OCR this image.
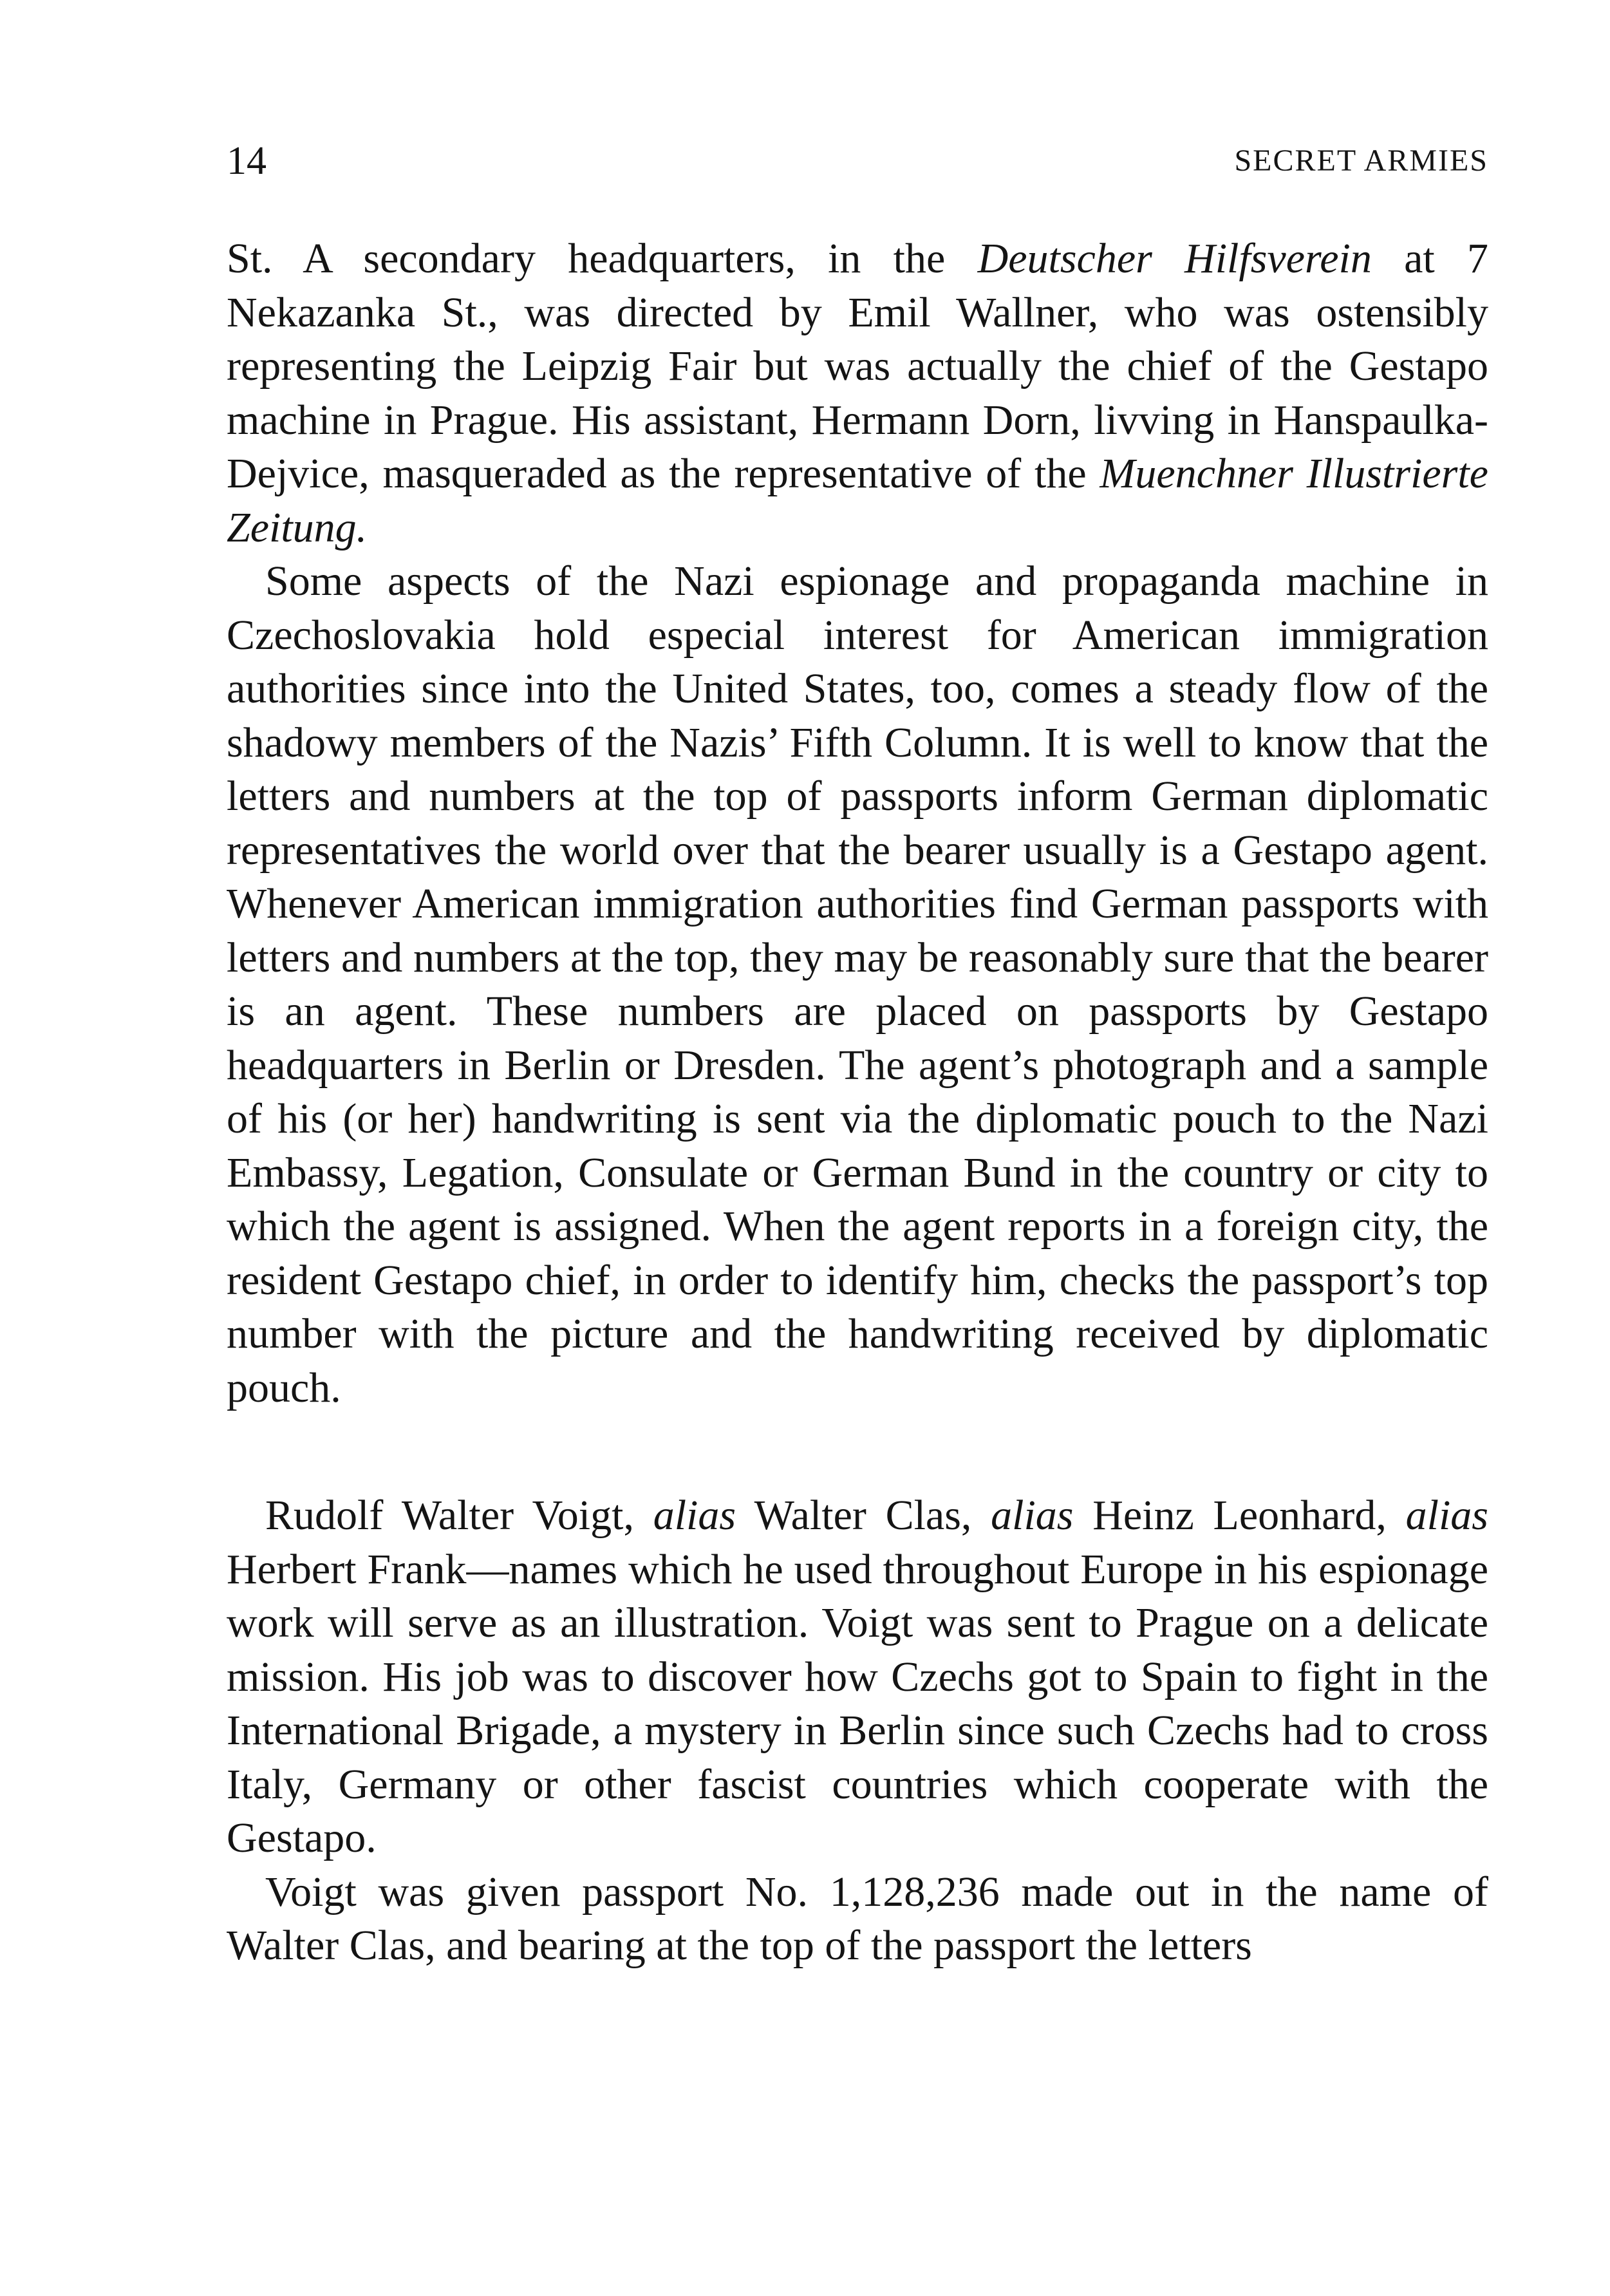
14	SECRET ARMIES

St. A secondary headquarters, in the Deutscher Hilfsverein at 7 Nekazanka St., was directed by Emil Wallner, who was ostensibly representing the Leipzig Fair but was actually the chief of the Gestapo machine in Prague. His assistant, Hermann Dorn, livving in Hanspaulka-Dejvice, masqueraded as the representative of the Muenchner Illustrierte Zeitung.

Some aspects of the Nazi espionage and propaganda machine in Czechoslovakia hold especial interest for American immigration authorities since into the United States, too, comes a steady flow of the shadowy members of the Nazis’ Fifth Column. It is well to know that the letters and numbers at the top of passports inform German diplomatic representatives the world over that the bearer usually is a Gestapo agent. Whenever American immigration authorities find German passports with letters and numbers at the top, they may be reasonably sure that the bearer is an agent. These numbers are placed on passports by Gestapo headquarters in Berlin or Dresden. The agent’s photograph and a sample of his (or her) handwriting is sent via the diplomatic pouch to the Nazi Embassy, Legation, Consulate or German Bund in the country or city to which the agent is assigned. When the agent reports in a foreign city, the resident Gestapo chief, in order to identify him, checks the passport’s top number with the picture and the handwriting received by diplomatic pouch.

Rudolf Walter Voigt, alias Walter Clas, alias Heinz Leonhard, alias Herbert Frank—names which he used throughout Europe in his espionage work will serve as an illustration. Voigt was sent to Prague on a delicate mission. His job was to discover how Czechs got to Spain to fight in the International Brigade, a mystery in Berlin since such Czechs had to cross Italy, Germany or other fascist countries which cooperate with the Gestapo.

Voigt was given passport No. 1,128,236 made out in the name of Walter Clas, and bearing at the top of the passport the letters
